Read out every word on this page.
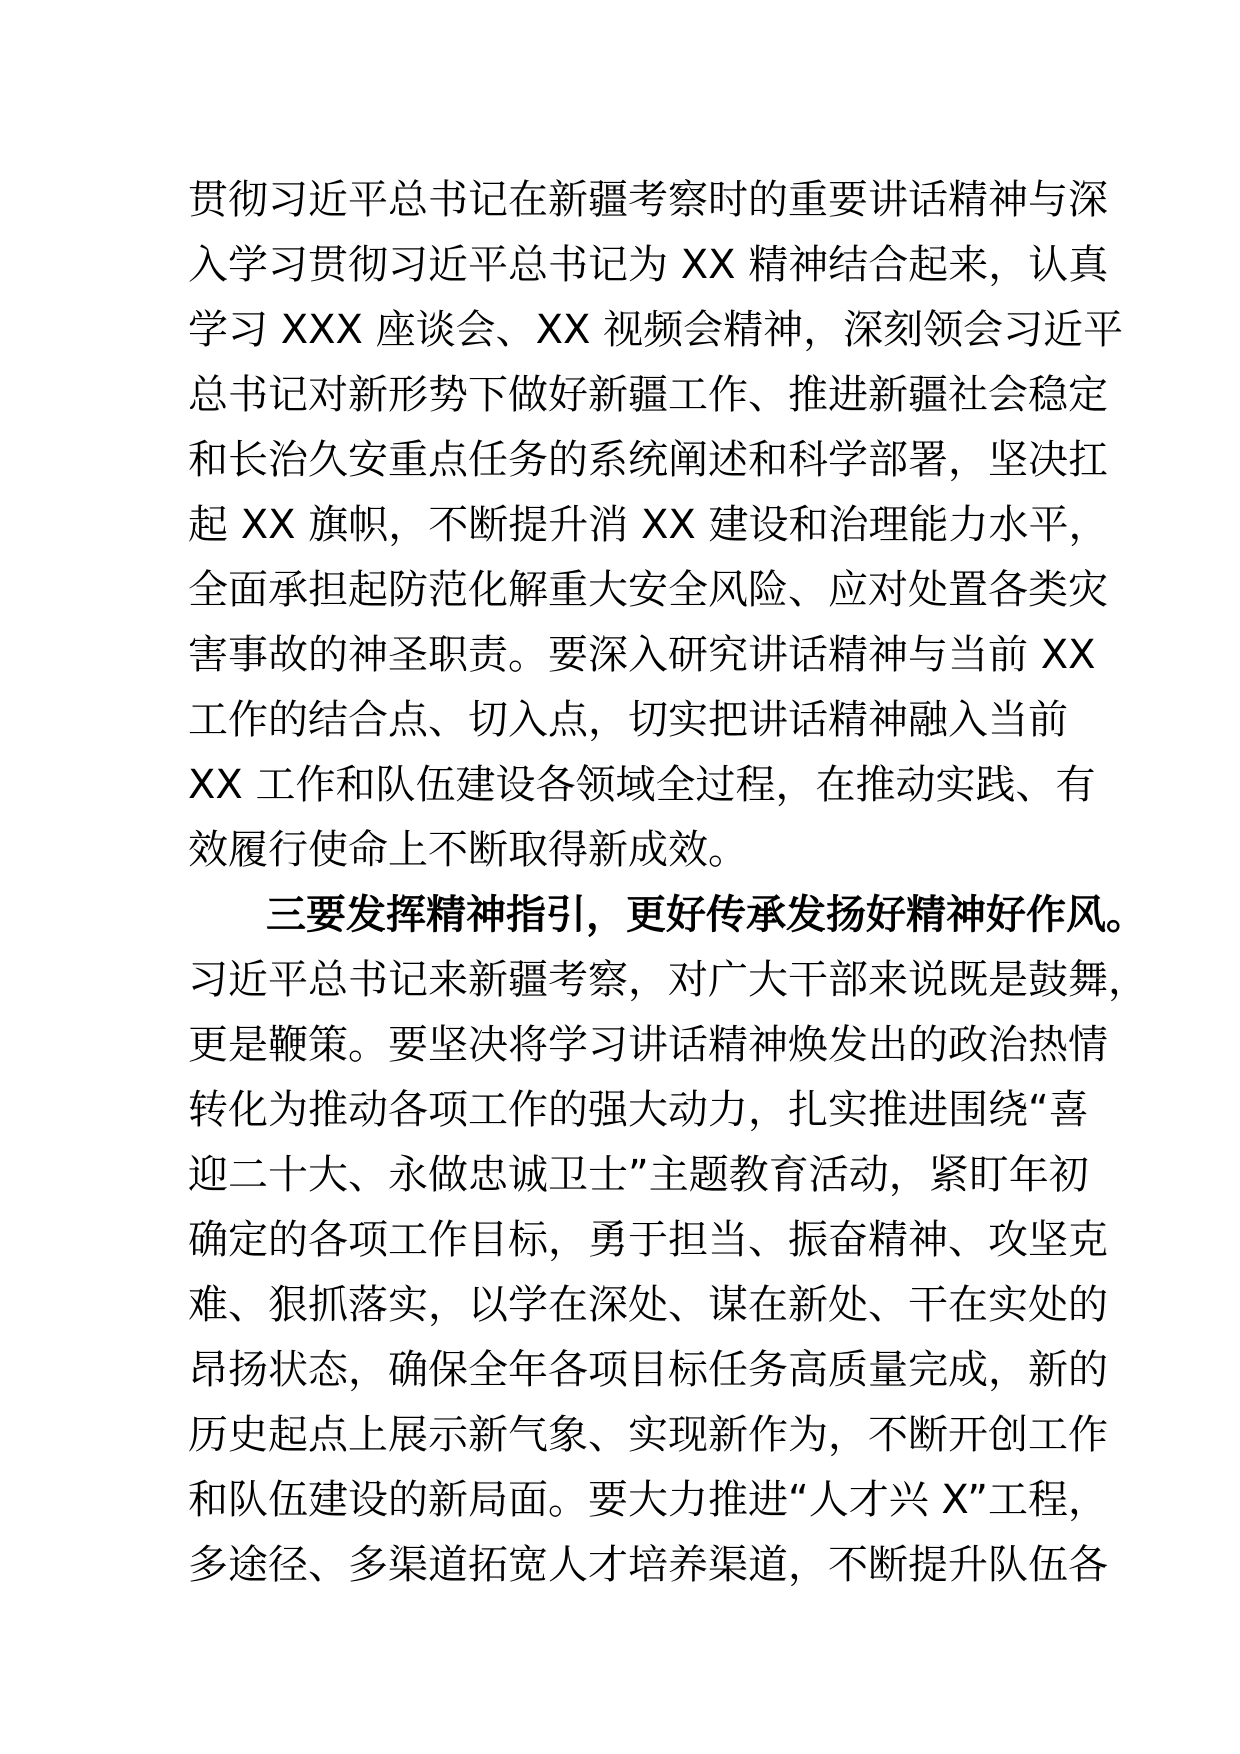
贯彻习近平总书记在新疆考察时的重要讲话精神与深
入学习贯彻习近平总书记为 XX 精神结合起来，认真
学习 XXX 座谈会、XX 视频会精神，深刻领会习近平
总书记对新形势下做好新疆工作、推进新疆社会稳定
和长治久安重点任务的系统阐述和科学部署，坚决扛
起 XX 旗帜，不断提升消 XX 建设和治理能力水平，
全面承担起防范化解重大安全风险、应对处置各类灾
害事故的神圣职责。要深入研究讲话精神与当前 XX
工作的结合点、切入点，切实把讲话精神融入当前
XX 工作和队伍建设各领域全过程，在推动实践、有
效履行使命上不断取得新成效。
三要发挥精神指引，更好传承发扬好精神好作风。
习近平总书记来新疆考察，对广大干部来说既是鼓舞，
更是鞭策。要坚决将学习讲话精神焕发出的政治热情
转化为推动各项工作的强大动力，扎实推进围绕“喜
迎二十大、永做忠诚卫士”主题教育活动，紧盯年初
确定的各项工作目标，勇于担当、振奋精神、攻坚克
难、狠抓落实，以学在深处、谋在新处、干在实处的
昂扬状态，确保全年各项目标任务高质量完成，新的
历史起点上展示新气象、实现新作为，不断开创工作
和队伍建设的新局面。要大力推进“人才兴 X”工程，
多途径、多渠道拓宽人才培养渠道，不断提升队伍各
